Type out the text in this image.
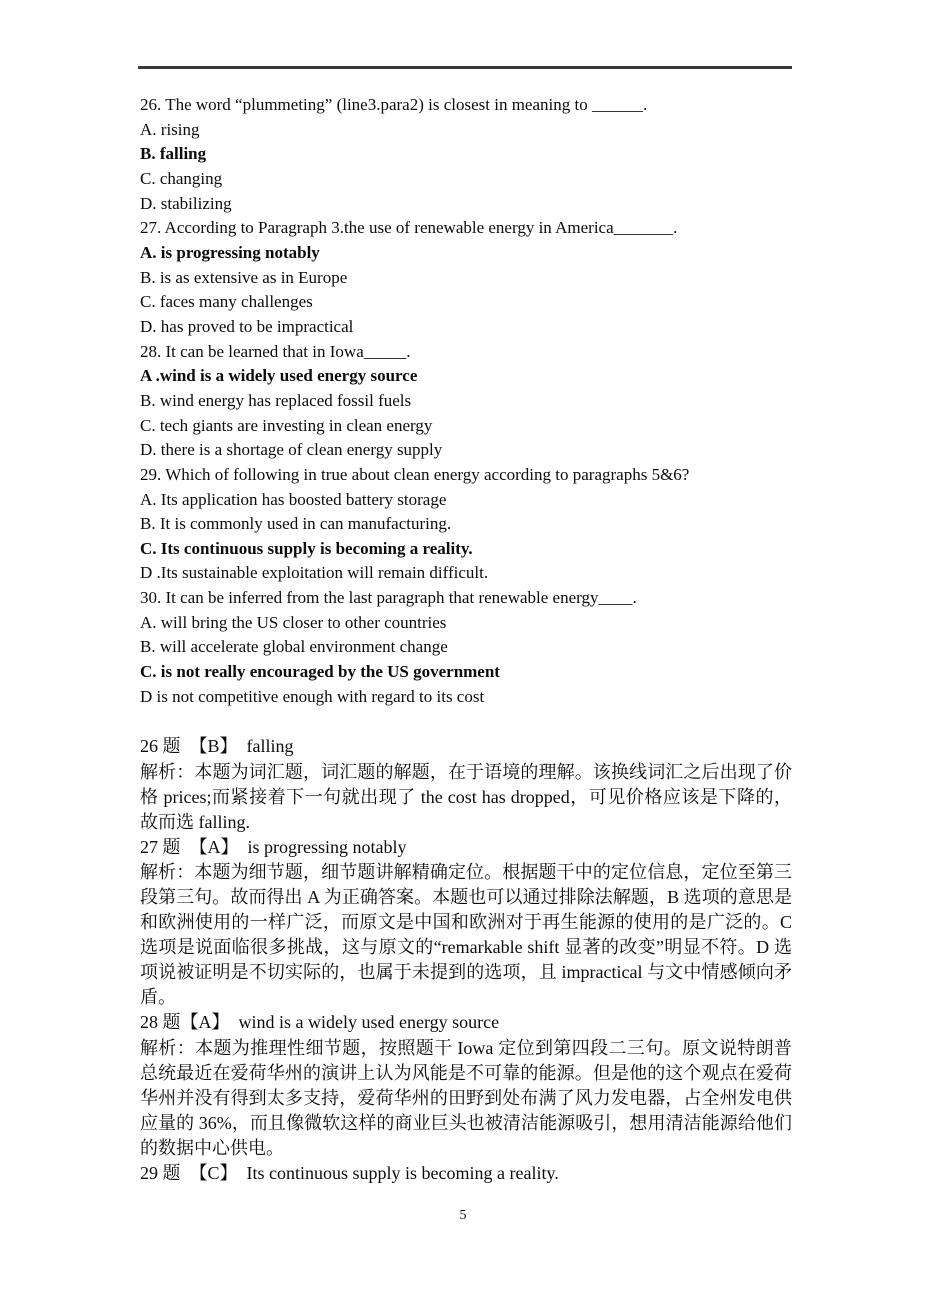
26. The word “plummeting” (line3.para2) is closest in meaning to ______.
A. rising
B. falling
C. changing
D. stabilizing
27. According to Paragraph 3.the use of renewable energy in America_______.
A. is progressing notably
B. is as extensive as in Europe
C. faces many challenges
D. has proved to be impractical
28. It can be learned that in Iowa_____.
A .wind is a widely used energy source
B. wind energy has replaced fossil fuels
C. tech giants are investing in clean energy
D. there is a shortage of clean energy supply
29. Which of following in true about clean energy according to paragraphs 5&6?
A. Its application has boosted battery storage
B. It is commonly used in can manufacturing.
C. Its continuous supply is becoming a reality.
D .Its sustainable exploitation will remain difficult.
30. It can be inferred from the last paragraph that renewable energy____.
A. will bring the US closer to other countries
B. will accelerate global environment change
C. is not really encouraged by the US government
D is not competitive enough with regard to its cost
26 题  【B】  falling
解析：本题为词汇题，词汇题的解题，在于语境的理解。该换线词汇之后出现了价格 prices;而紧接着下一句就出现了 the cost has dropped，可见价格应该是下降的，故而选 falling.
27 题  【A】  is progressing notably
解析：本题为细节题，细节题讲解精确定位。根据题干中的定位信息，定位至第三段第三句。故而得出 A 为正确答案。本题也可以通过排除法解题，B 选项的意思是和欧洲使用的一样广泛，而原文是中国和欧洲对于再生能源的使用的是广泛的。C 选项是说面临很多挑战，这与原文的“remarkable shift 显著的改变”明显不符。D 选项说被证明是不切实际的，也属于未提到的选项，且 impractical 与文中情感倾向矛盾。
28 题【A】  wind is a widely used energy source
解析：本题为推理性细节题，按照题干 Iowa 定位到第四段二三句。原文说特朗普总统最近在爱荷华州的演讲上认为风能是不可靠的能源。但是他的这个观点在爱荷华州并没有得到太多支持，爱荷华州的田野到处布满了风力发电器，占全州发电供应量的 36%，而且像微软这样的商业巨头也被清洁能源吸引，想用清洁能源给他们的数据中心供电。
29 题  【C】  Its continuous supply is becoming a reality.
5
